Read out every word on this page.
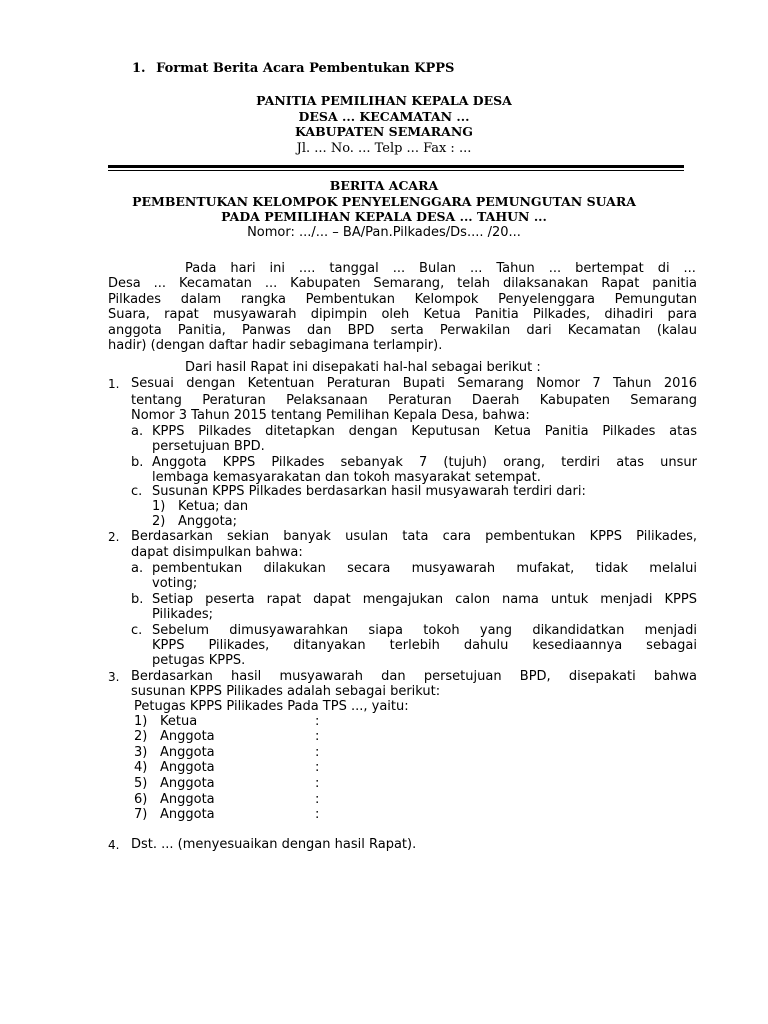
1. Format Berita Acara Pembentukan KPPS
PANITIA PEMILIHAN KEPALA DESA
DESA ... KECAMATAN ...
KABUPATEN SEMARANG
Jl. ... No. ... Telp ... Fax : ...
BERITA ACARA
PEMBENTUKAN KELOMPOK PENYELENGGARA PEMUNGUTAN SUARA
PADA PEMILIHAN KEPALA DESA ... TAHUN ...
Nomor: .../... – BA/Pan.Pilkades/Ds.... /20...
Pada hari ini .... tanggal ... Bulan ... Tahun ... bertempat di ...
Desa ... Kecamatan ... Kabupaten Semarang, telah dilaksanakan Rapat panitia
Pilkades dalam rangka Pembentukan Kelompok Penyelenggara Pemungutan
Suara, rapat musyawarah dipimpin oleh Ketua Panitia Pilkades, dihadiri para
anggota Panitia, Panwas dan BPD serta Perwakilan dari Kecamatan (kalau
hadir) (dengan daftar hadir sebagimana terlampir).
Dari hasil Rapat ini disepakati hal-hal sebagai berikut :
1. Sesuai dengan Ketentuan Peraturan Bupati Semarang Nomor 7 Tahun 2016
tentang Peraturan Pelaksanaan Peraturan Daerah Kabupaten Semarang
Nomor 3 Tahun 2015 tentang Pemilihan Kepala Desa, bahwa:
a. KPPS Pilkades ditetapkan dengan Keputusan Ketua Panitia Pilkades atas
persetujuan BPD.
b. Anggota KPPS Pilkades sebanyak 7 (tujuh) orang, terdiri atas unsur
lembaga kemasyarakatan dan tokoh masyarakat setempat.
c. Susunan KPPS Pilkades berdasarkan hasil musyawarah terdiri dari:
1) Ketua; dan
2) Anggota;
2. Berdasarkan sekian banyak usulan tata cara pembentukan KPPS Pilikades,
dapat disimpulkan bahwa:
a. pembentukan dilakukan secara musyawarah mufakat, tidak melalui
voting;
b. Setiap peserta rapat dapat mengajukan calon nama untuk menjadi KPPS
Pilikades;
c. Sebelum dimusyawarahkan siapa tokoh yang dikandidatkan menjadi
KPPS Pilikades, ditanyakan terlebih dahulu kesediaannya sebagai
petugas KPPS.
3. Berdasarkan hasil musyawarah dan persetujuan BPD, disepakati bahwa
susunan KPPS Pilikades adalah sebagai berikut:
Petugas KPPS Pilikades Pada TPS ..., yaitu:
1) Ketua	:
2) Anggota	:
3) Anggota	:
4) Anggota	:
5) Anggota	:
6) Anggota	:
7) Anggota	:
4. Dst. ... (menyesuaikan dengan hasil Rapat).
